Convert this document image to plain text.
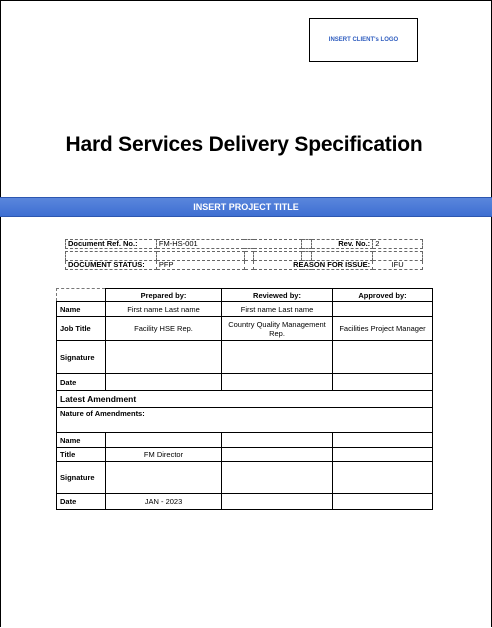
INSERT CLIENT's LOGO
Hard Services Delivery Specification
INSERT PROJECT TITLE
Document Ref. No.:	FM-HS-001				Rev. No.:	2

DOCUMENT STATUS:	PFP		REASON FOR ISSUE:			IFU
	Prepared by:	Reviewed by:	Approved by:
Name	First name Last name	First name Last name	
Job Title	Facility HSE Rep.	Country Quality Management Rep.	Facilities Project Manager
Signature			
Date			
Latest Amendment			
Nature of Amendments:			
Name			
Title	FM Director		
Signature			
Date	JAN - 2023		
